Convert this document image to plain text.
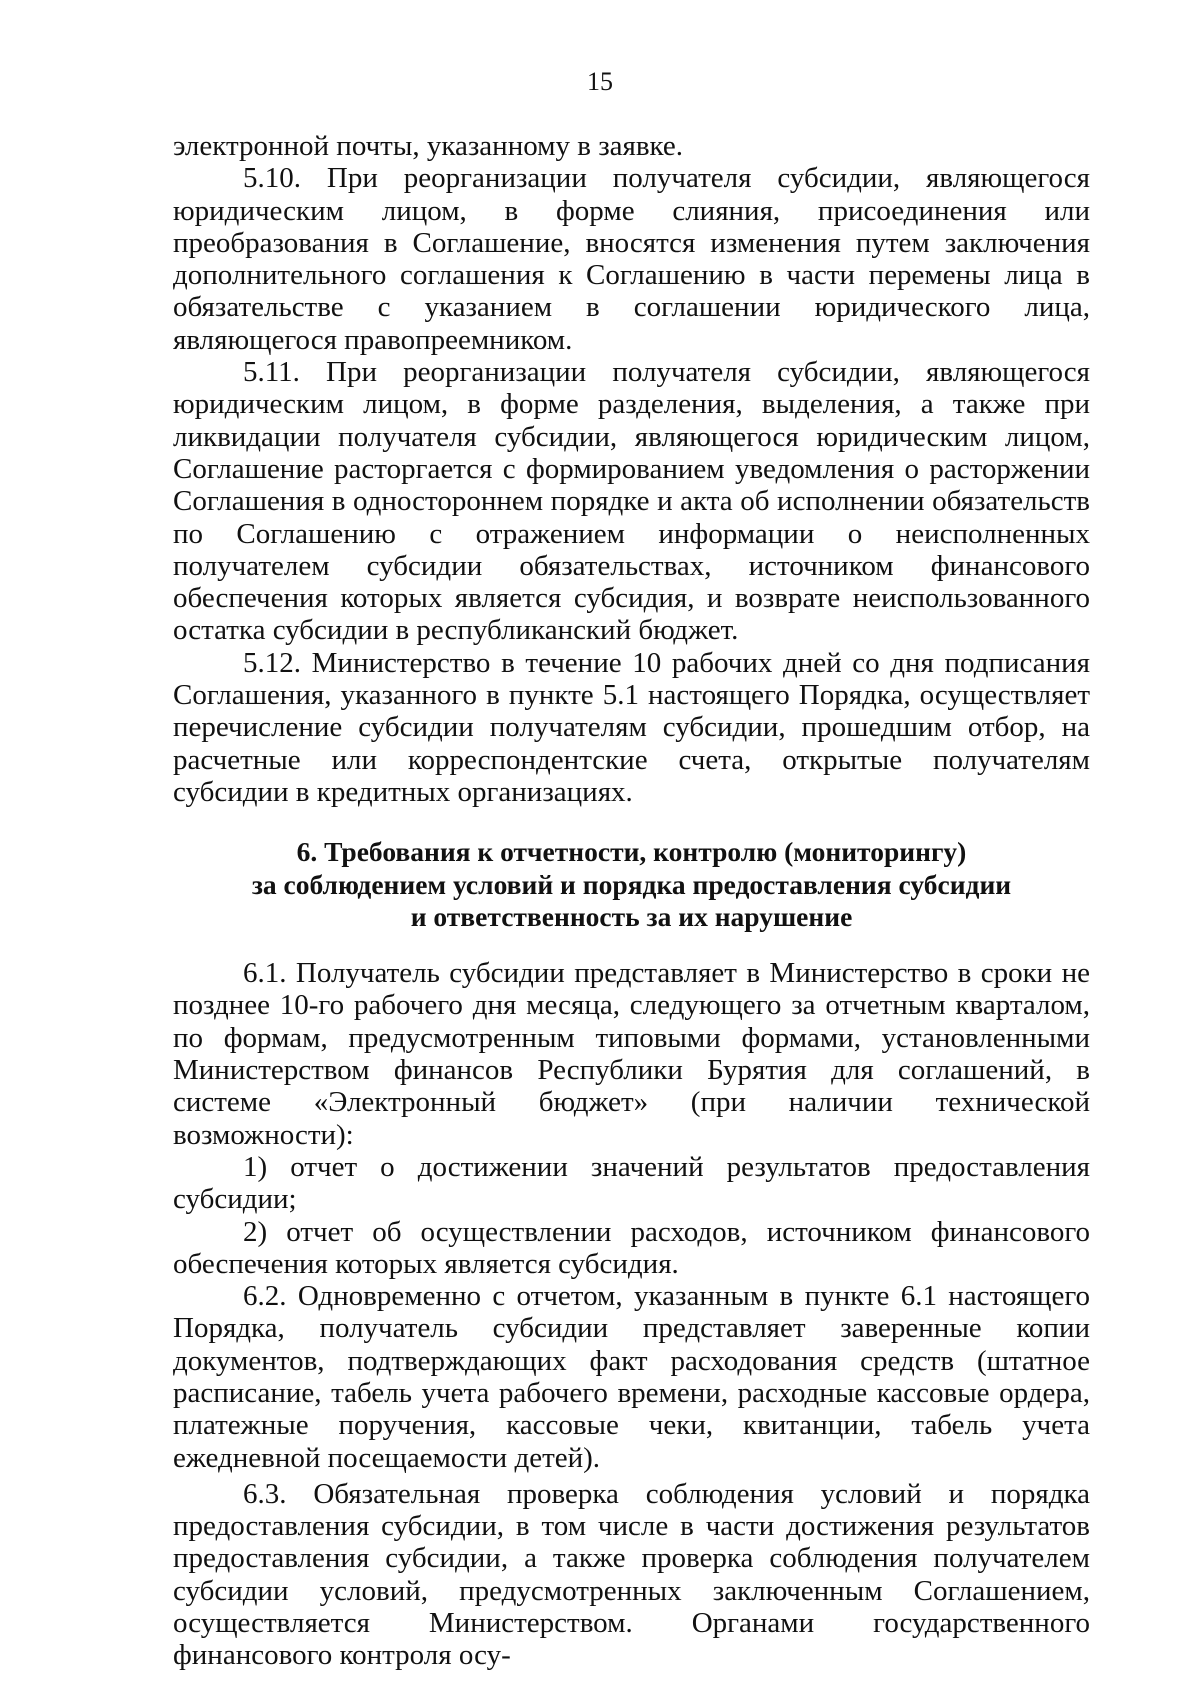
15

электронной почты, указанному в заявке.

5.10. При реорганизации получателя субсидии, являющегося юридическим лицом, в форме слияния, присоединения или преобразования в Соглашение, вносятся изменения путем заключения дополнительного соглашения к Соглашению в части перемены лица в обязательстве с указанием в соглашении юридического лица, являющегося правопреемником.

5.11. При реорганизации получателя субсидии, являющегося юридическим лицом, в форме разделения, выделения, а также при ликвидации получателя субсидии, являющегося юридическим лицом, Соглашение расторгается с формированием уведомления о расторжении Соглашения в одностороннем порядке и акта об исполнении обязательств по Соглашению с отражением информации о неисполненных получателем субсидии обязательствах, источником финансового обеспечения которых является субсидия, и возврате неиспользованного остатка субсидии в республиканский бюджет.

5.12. Министерство в течение 10 рабочих дней со дня подписания Соглашения, указанного в пункте 5.1 настоящего Порядка, осуществляет перечисление субсидии получателям субсидии, прошедшим отбор, на расчетные или корреспондентские счета, открытые получателям субсидии в кредитных организациях.

6. Требования к отчетности, контролю (мониторингу)
за соблюдением условий и порядка предоставления субсидии
и ответственность за их нарушение

6.1. Получатель субсидии представляет в Министерство в сроки не позднее 10-го рабочего дня месяца, следующего за отчетным кварталом, по формам, предусмотренным типовыми формами, установленными Министерством финансов Республики Бурятия для соглашений, в системе «Электронный бюджет» (при наличии технической возможности):

1) отчет о достижении значений результатов предоставления субсидии;

2) отчет об осуществлении расходов, источником финансового обеспечения которых является субсидия.

6.2. Одновременно с отчетом, указанным в пункте 6.1 настоящего Порядка, получатель субсидии представляет заверенные копии документов, подтверждающих факт расходования средств (штатное расписание, табель учета рабочего времени, расходные кассовые ордера, платежные поручения, кассовые чеки, квитанции, табель учета ежедневной посещаемости детей).

6.3. Обязательная проверка соблюдения условий и порядка предоставления субсидии, в том числе в части достижения результатов предоставления субсидии, а также проверка соблюдения получателем субсидии условий, предусмотренных заключенным Соглашением, осуществляется Министерством. Органами государственного финансового контроля осу-
